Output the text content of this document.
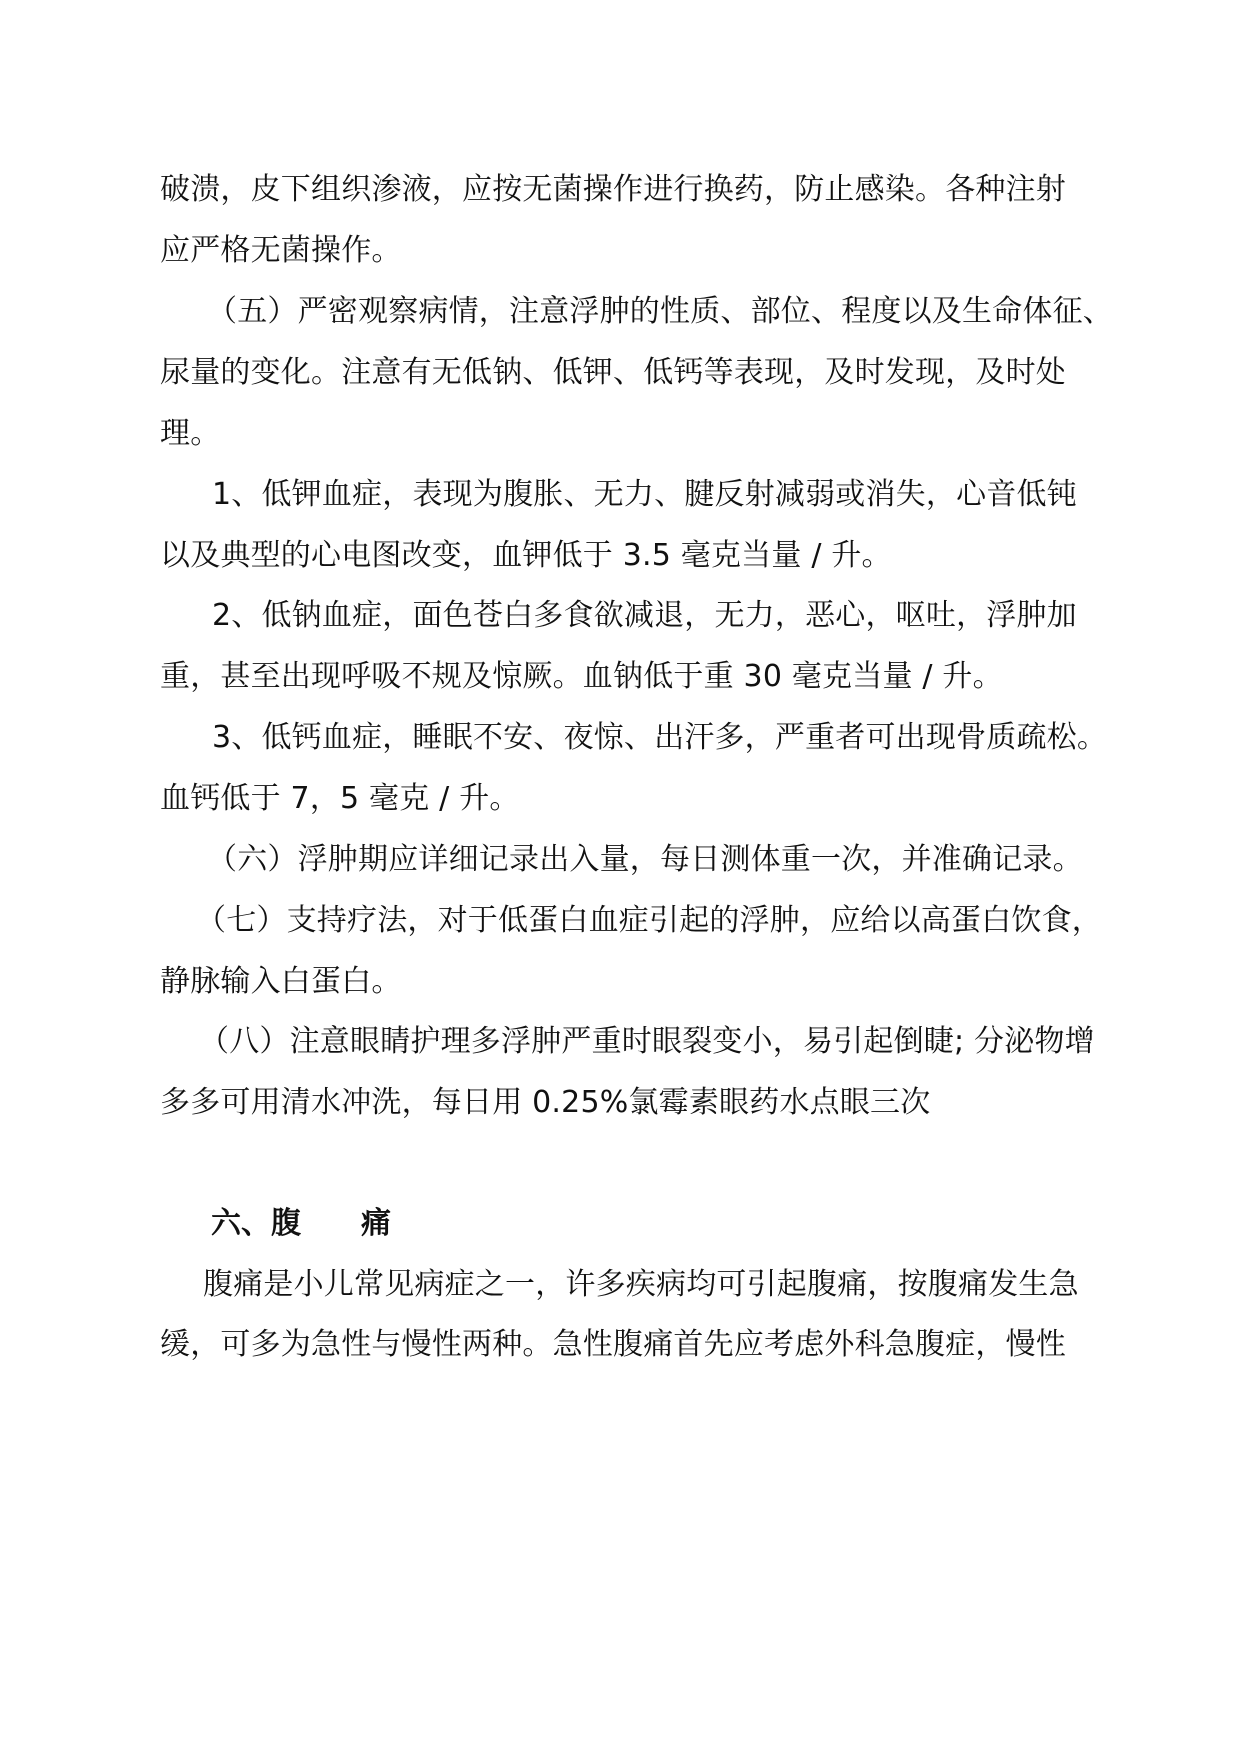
破溃，皮下组织渗液，应按无菌操作进行换药，防止感染。各种注射
应严格无菌操作。
（五）严密观察病情，注意浮肿的性质、部位、程度以及生命体征、
尿量的变化。注意有无低钠、低钾、低钙等表现，及时发现，及时处
理。
1、低钾血症，表现为腹胀、无力、腱反射减弱或消失，心音低钝
以及典型的心电图改变，血钾低于 3.5 毫克当量 / 升。
2、低钠血症，面色苍白多食欲减退，无力，恶心，呕吐，浮肿加
重，甚至出现呼吸不规及惊厥。血钠低于重 30 毫克当量 / 升。
3、低钙血症，睡眠不安、夜惊、出汗多，严重者可出现骨质疏松。
血钙低于 7，5 毫克 / 升。
（六）浮肿期应详细记录出入量，每日测体重一次，并准确记录。
（七）支持疗法，对于低蛋白血症引起的浮肿，应给以高蛋白饮食，
静脉输入白蛋白。
（八）注意眼睛护理多浮肿严重时眼裂变小，易引起倒睫; 分泌物增
多多可用清水冲洗，每日用 0.25%氯霉素眼药水点眼三次
六、腹 痛
腹痛是小儿常见病症之一，许多疾病均可引起腹痛，按腹痛发生急
缓，可多为急性与慢性两种。急性腹痛首先应考虑外科急腹症，慢性
